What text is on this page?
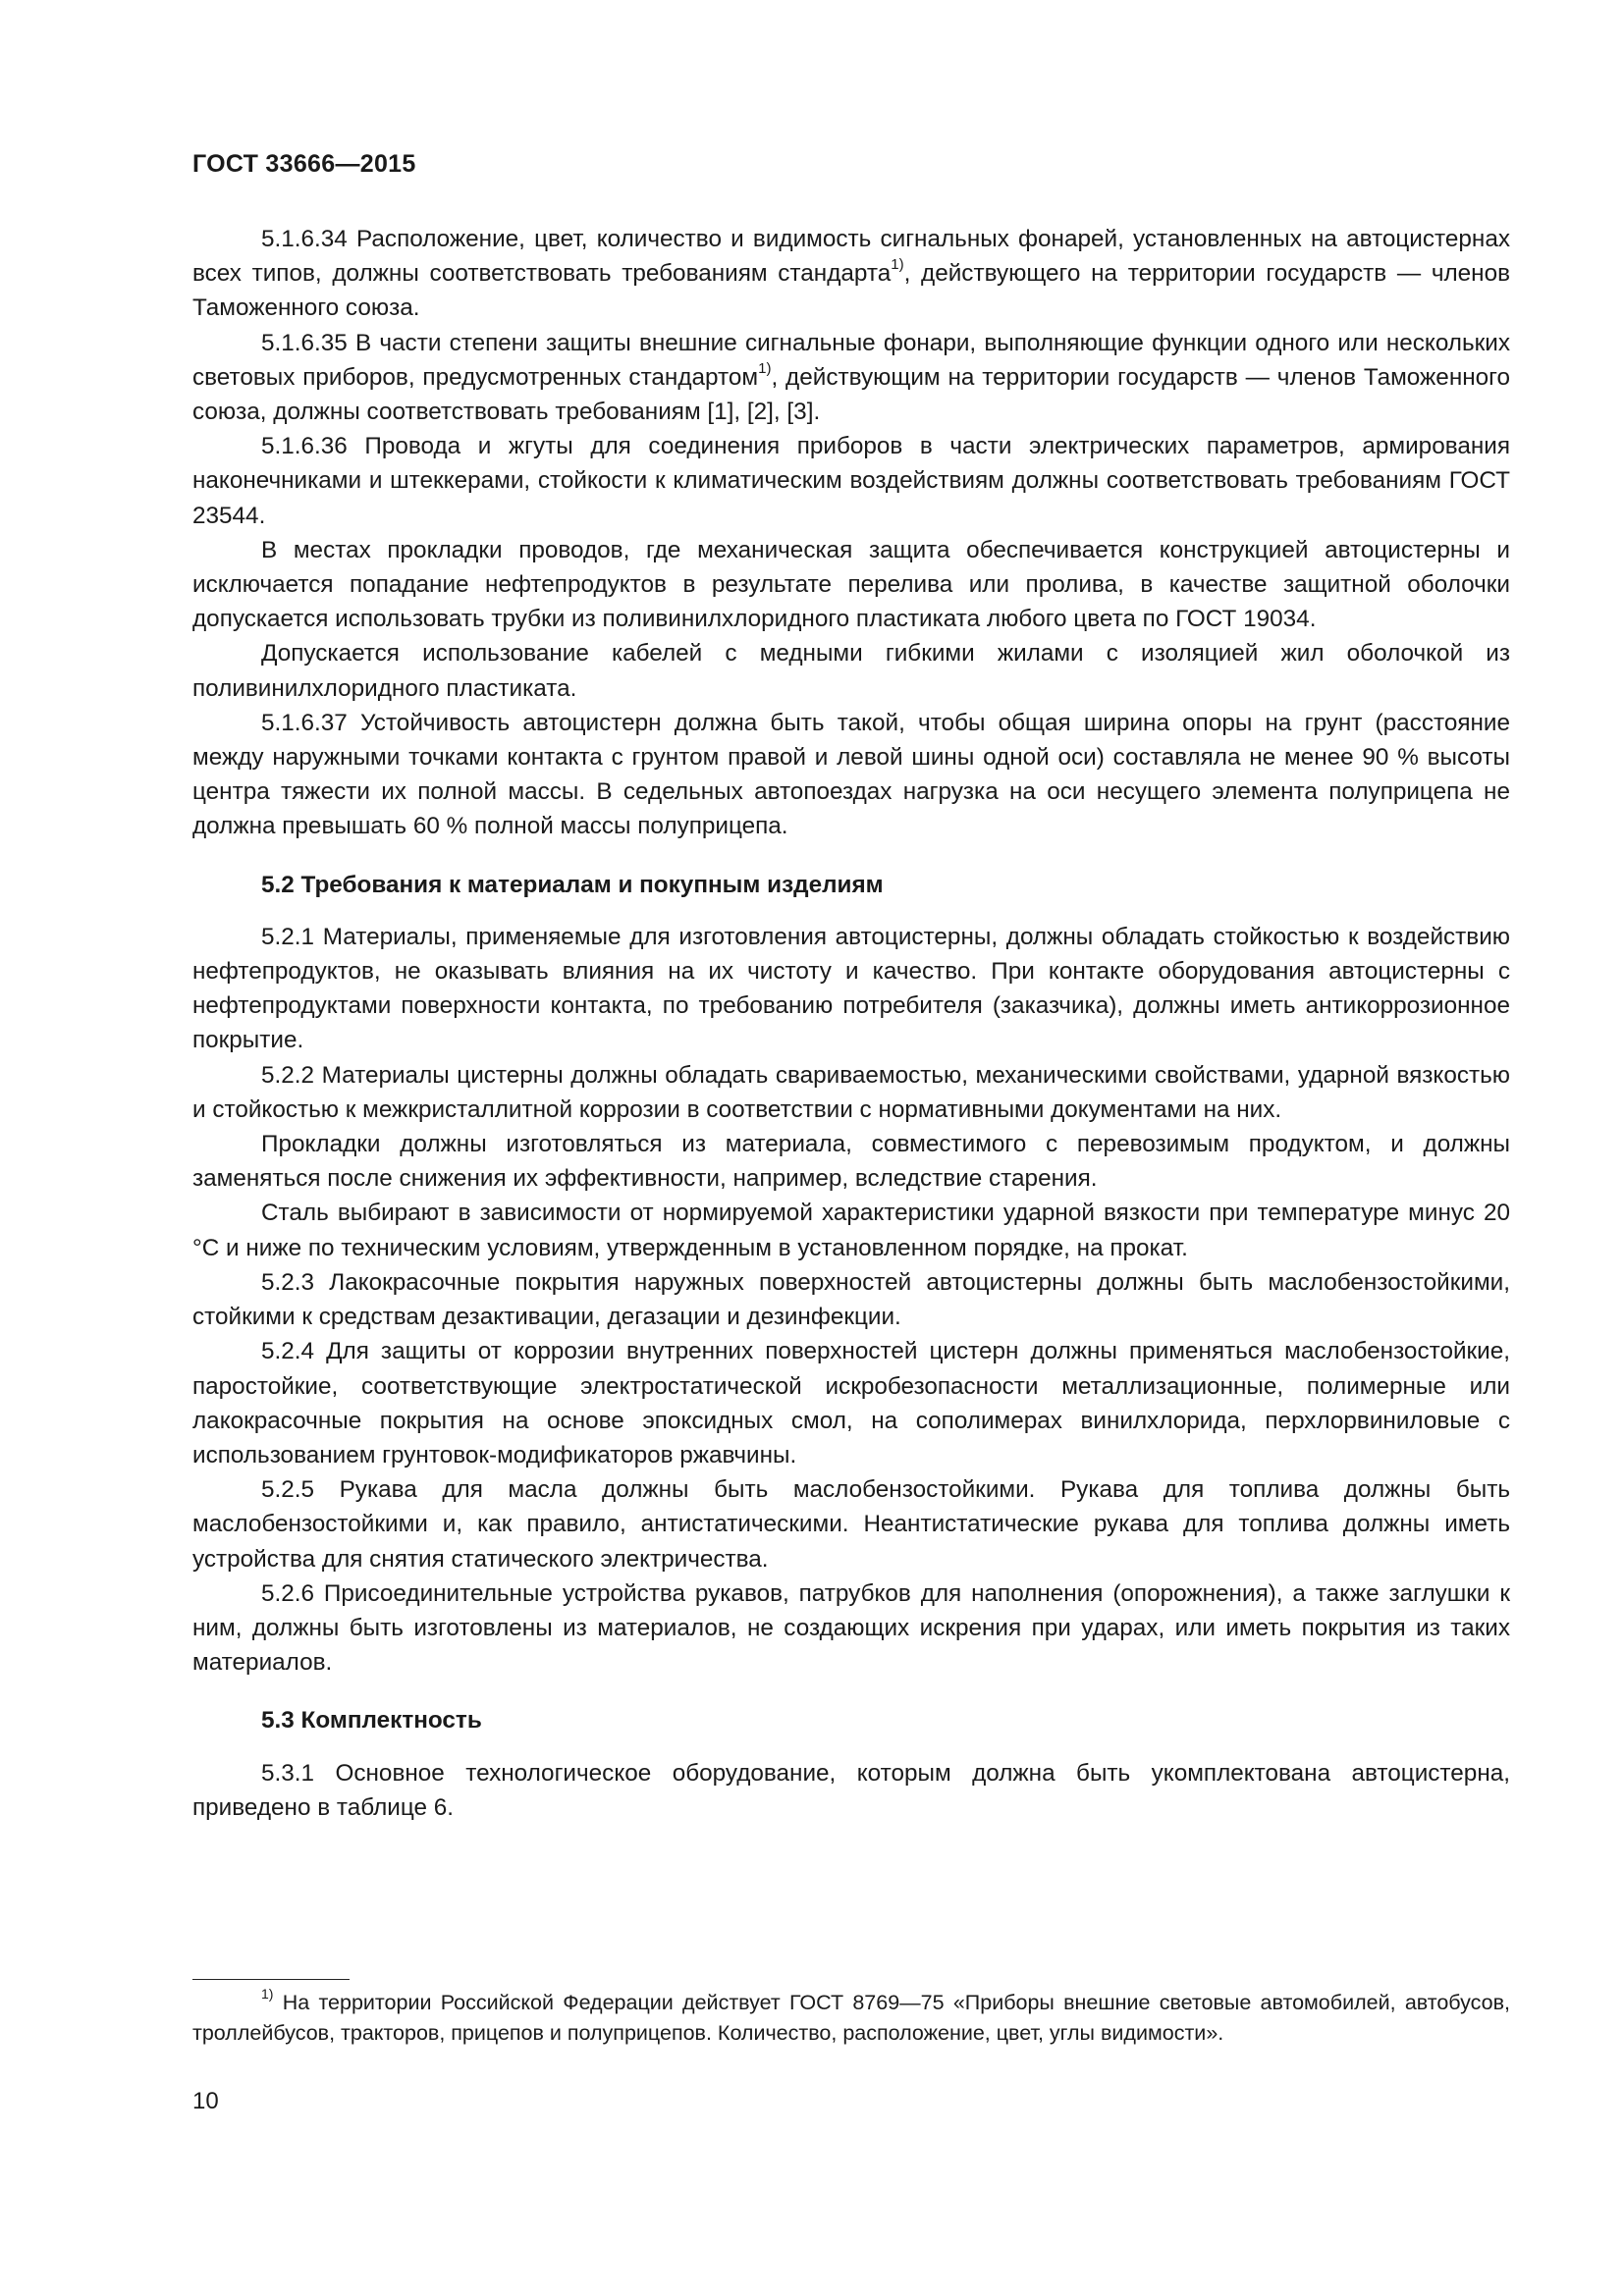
ГОСТ 33666—2015

5.1.6.34 Расположение, цвет, количество и видимость сигнальных фонарей, установленных на автоцистернах всех типов, должны соответствовать требованиям стандарта$^{1)}$, действующего на территории государств — членов Таможенного союза.

5.1.6.35 В части степени защиты внешние сигнальные фонари, выполняющие функции одного или нескольких световых приборов, предусмотренных стандартом$^{1)}$, действующим на территории государств — членов Таможенного союза, должны соответствовать требованиям [1], [2], [3].

5.1.6.36 Провода и жгуты для соединения приборов в части электрических параметров, армирования наконечниками и штеккерами, стойкости к климатическим воздействиям должны соответствовать требованиям ГОСТ 23544.

В местах прокладки проводов, где механическая защита обеспечивается конструкцией автоцистерны и исключается попадание нефтепродуктов в результате перелива или пролива, в качестве защитной оболочки допускается использовать трубки из поливинилхлоридного пластиката любого цвета по ГОСТ 19034.

Допускается использование кабелей с медными гибкими жилами с изоляцией жил оболочкой из поливинилхлоридного пластиката.

5.1.6.37 Устойчивость автоцистерн должна быть такой, чтобы общая ширина опоры на грунт (расстояние между наружными точками контакта с грунтом правой и левой шины одной оси) составляла не менее 90 % высоты центра тяжести их полной массы. В седельных автопоездах нагрузка на оси несущего элемента полуприцепа не должна превышать 60 % полной массы полуприцепа.

5.2 Требования к материалам и покупным изделиям

5.2.1 Материалы, применяемые для изготовления автоцистерны, должны обладать стойкостью к воздействию нефтепродуктов, не оказывать влияния на их чистоту и качество. При контакте оборудования автоцистерны с нефтепродуктами поверхности контакта, по требованию потребителя (заказчика), должны иметь антикоррозионное покрытие.

5.2.2 Материалы цистерны должны обладать свариваемостью, механическими свойствами, ударной вязкостью и стойкостью к межкристаллитной коррозии в соответствии с нормативными документами на них.

Прокладки должны изготовляться из материала, совместимого с перевозимым продуктом, и должны заменяться после снижения их эффективности, например, вследствие старения.

Сталь выбирают в зависимости от нормируемой характеристики ударной вязкости при температуре минус 20 °С и ниже по техническим условиям, утвержденным в установленном порядке, на прокат.

5.2.3 Лакокрасочные покрытия наружных поверхностей автоцистерны должны быть маслобензостойкими, стойкими к средствам дезактивации, дегазации и дезинфекции.

5.2.4 Для защиты от коррозии внутренних поверхностей цистерн должны применяться маслобензостойкие, паростойкие, соответствующие электростатической искробезопасности металлизационные, полимерные или лакокрасочные покрытия на основе эпоксидных смол, на сополимерах винилхлорида, перхлорвиниловые с использованием грунтовок-модификаторов ржавчины.

5.2.5 Рукава для масла должны быть маслобензостойкими. Рукава для топлива должны быть маслобензостойкими и, как правило, антистатическими. Неантистатические рукава для топлива должны иметь устройства для снятия статического электричества.

5.2.6 Присоединительные устройства рукавов, патрубков для наполнения (опорожнения), а также заглушки к ним, должны быть изготовлены из материалов, не создающих искрения при ударах, или иметь покрытия из таких материалов.

5.3 Комплектность

5.3.1 Основное технологическое оборудование, которым должна быть укомплектована автоцистерна, приведено в таблице 6.

$^{1)}$ На территории Российской Федерации действует ГОСТ 8769—75 «Приборы внешние световые автомобилей, автобусов, троллейбусов, тракторов, прицепов и полуприцепов. Количество, расположение, цвет, углы видимости».
10
